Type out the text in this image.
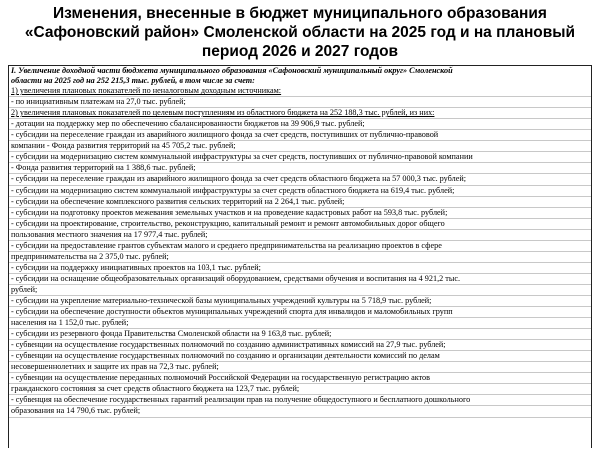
Изменения, внесенные в бюджет муниципального образования
«Сафоновский район» Смоленской области на 2025 год и на плановый
период 2026 и 2027 годов
I. Увеличение доходной части бюджета муниципального образования «Сафоновский муниципальный округ» Смоленской
области на 2025 год на 252 215,3 тыс. рублей, в том числе за счет:
1) увеличения плановых показателей по неналоговым доходным источникам:
- по инициативным платежам на 27,0 тыс. рублей;
2) увеличения плановых показателей по целевым поступлениям из областного бюджета на 252 188,3 тыс. рублей, из них:
- дотации на поддержку мер по обеспечению сбалансированности бюджетов на 39 906,9 тыс. рублей;
- субсидии на переселение граждан из аварийного жилищного фонда за счет средств, поступивших от публично-правовой
компании - Фонда развития территорий на 45 705,2 тыс. рублей;
- субсидии на модернизацию систем коммунальной инфраструктуры за счет средств, поступивших от публично-правовой компании
- Фонда развития территорий на 1 388,6 тыс. рублей;
- субсидии на переселение граждан из аварийного жилищного фонда за счет средств областного бюджета на 57 000,3 тыс. рублей;
- субсидии на модернизацию систем коммунальной инфраструктуры за счет средств областного бюджета на 619,4 тыс. рублей;
- субсидии на обеспечение комплексного развития сельских территорий на 2 264,1 тыс. рублей;
- субсидии на подготовку проектов межевания земельных участков и на проведение кадастровых работ на 593,8 тыс. рублей;
- субсидии на проектирование, строительство, реконструкцию, капитальный ремонт и ремонт автомобильных дорог общего
пользования местного значения на 17 977,4 тыс. рублей;
- субсидии на предоставление грантов субъектам малого и среднего предпринимательства на реализацию проектов в сфере
предпринимательства на 2 375,0 тыс. рублей;
- субсидии на поддержку инициативных проектов на 103,1 тыс. рублей;
- субсидии на оснащение общеобразовательных организаций оборудованием, средствами обучения и воспитания на 4 921,2 тыс.
рублей;
- субсидии на укрепление материально-технической базы муниципальных учреждений культуры на 5 718,9 тыс. рублей;
- субсидии на обеспечение доступности объектов муниципальных учреждений спорта для инвалидов и маломобильных групп
населения на 1 152,0 тыс. рублей;
- субсидии из резервного фонда Правительства Смоленской области на 9 163,8 тыс. рублей;
- субвенции на осуществление государственных полномочий по созданию административных комиссий на 27,9 тыс. рублей;
- субвенции на осуществление государственных полномочий по созданию и организации деятельности комиссий по делам
несовершеннолетних и защите их прав на 72,3 тыс. рублей;
- субвенции на осуществление переданных полномочий Российской Федерации на государственную регистрацию актов
гражданского состояния за счет средств областного бюджета на 123,7 тыс. рублей;
- субвенция на обеспечение государственных гарантий реализации прав на получение общедоступного и бесплатного дошкольного
образования на 14 790,6 тыс. рублей;
